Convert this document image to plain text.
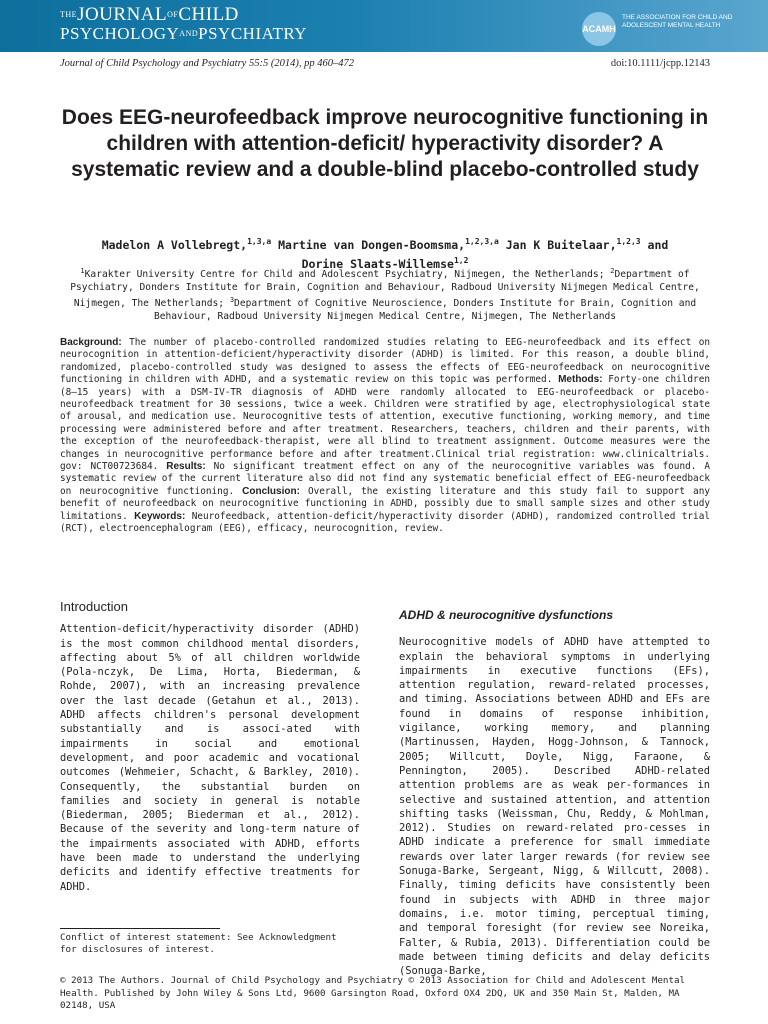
$^{THE}JOURNAL^{OF}CHILD$
$PSYCHOLOGY^{AND}PSYCHIATRY$	ACAMH
THE ASSOCIATION FOR CHILD AND ADOLESCENT MENTAL HEALTH
Journal of Child Psychology and Psychiatry 55:5 (2014), pp 460–472	doi:10.1111/jcpp.12143
Does EEG-neurofeedback improve neurocognitive functioning in children with attention-deficit/ hyperactivity disorder? A systematic review and a double-blind placebo-controlled study
Madelon A Vollebregt,$^{1,3,a}$ Martine van Dongen-Boomsma,$^{1,2,3,a}$ Jan K Buitelaar,$^{1,2,3}$ and
Dorine Slaats-Willemse$^{1,2}$
$^1$Karakter University Centre for Child and Adolescent Psychiatry, Nijmegen, the Netherlands; $^2$Department of Psychiatry, Donders Institute for Brain, Cognition and Behaviour, Radboud University Nijmegen Medical Centre, Nijmegen, The Netherlands; $^3$Department of Cognitive Neuroscience, Donders Institute for Brain, Cognition and Behaviour, Radboud University Nijmegen Medical Centre, Nijmegen, The Netherlands
Background: The number of placebo-controlled randomized studies relating to EEG-neurofeedback and its effect on neurocognition in attention-deficient/hyperactivity disorder (ADHD) is limited. For this reason, a double blind, randomized, placebo-controlled study was designed to assess the effects of EEG-neurofeedback on neurocognitive functioning in children with ADHD, and a systematic review on this topic was performed. Methods: Forty-one children (8–15 years) with a DSM-IV-TR diagnosis of ADHD were randomly allocated to EEG-neurofeedback or placebo-neurofeedback treatment for 30 sessions, twice a week. Children were stratified by age, electrophysiological state of arousal, and medication use. Neurocognitive tests of attention, executive functioning, working memory, and time processing were administered before and after treatment. Researchers, teachers, children and their parents, with the exception of the neurofeedback-therapist, were all blind to treatment assignment. Outcome measures were the changes in neurocognitive performance before and after treatment.Clinical trial registration: www.clinicaltrials. gov: NCT00723684. Results: No significant treatment effect on any of the neurocognitive variables was found. A systematic review of the current literature also did not find any systematic beneficial effect of EEG-neurofeedback on neurocognitive functioning. Conclusion: Overall, the existing literature and this study fail to support any benefit of neurofeedback on neurocognitive functioning in ADHD, possibly due to small sample sizes and other study limitations. Keywords: Neurofeedback, attention-deficit/hyperactivity disorder (ADHD), randomized controlled trial (RCT), electroencephalogram (EEG), efficacy, neurocognition, review.
Introduction

Attention-deficit/hyperactivity disorder (ADHD) is the most common childhood mental disorders, affecting about 5% of all children worldwide (Pola-nczyk, De Lima, Horta, Biederman, & Rohde, 2007), with an increasing prevalence over the last decade (Getahun et al., 2013). ADHD affects children's personal development substantially and is associ-ated with impairments in social and emotional development, and poor academic and vocational outcomes (Wehmeier, Schacht, & Barkley, 2010). Consequently, the substantial burden on families and society in general is notable (Biederman, 2005; Biederman et al., 2012). Because of the severity and long-term nature of the impairments associated with ADHD, efforts have been made to understand the underlying deficits and identify effective treatments for ADHD.

ADHD & neurocognitive dysfunctions

Neurocognitive models of ADHD have attempted to explain the behavioral symptoms in underlying impairments in executive functions (EFs), attention regulation, reward-related processes, and timing. Associations between ADHD and EFs are found in domains of response inhibition, vigilance, working memory, and planning (Martinussen, Hayden, Hogg-Johnson, & Tannock, 2005; Willcutt, Doyle, Nigg, Faraone, & Pennington, 2005). Described ADHD-related attention problems are as weak per-formances in selective and sustained attention, and attention shifting tasks (Weissman, Chu, Reddy, & Mohlman, 2012). Studies on reward-related pro-cesses in ADHD indicate a preference for small immediate rewards over later larger rewards (for review see Sonuga-Barke, Sergeant, Nigg, & Willcutt, 2008). Finally, timing deficits have consistently been found in subjects with ADHD in three major domains, i.e. motor timing, perceptual timing, and temporal foresight (for review see Noreika, Falter, & Rubia, 2013). Differentiation could be made between timing deficits and delay deficits (Sonuga-Barke,

Conflict of interest statement: See Acknowledgment for disclosures of interest.
© 2013 The Authors. Journal of Child Psychology and Psychiatry © 2013 Association for Child and Adolescent Mental Health. Published by John Wiley & Sons Ltd, 9600 Garsington Road, Oxford OX4 2DQ, UK and 350 Main St, Malden, MA 02148, USA
